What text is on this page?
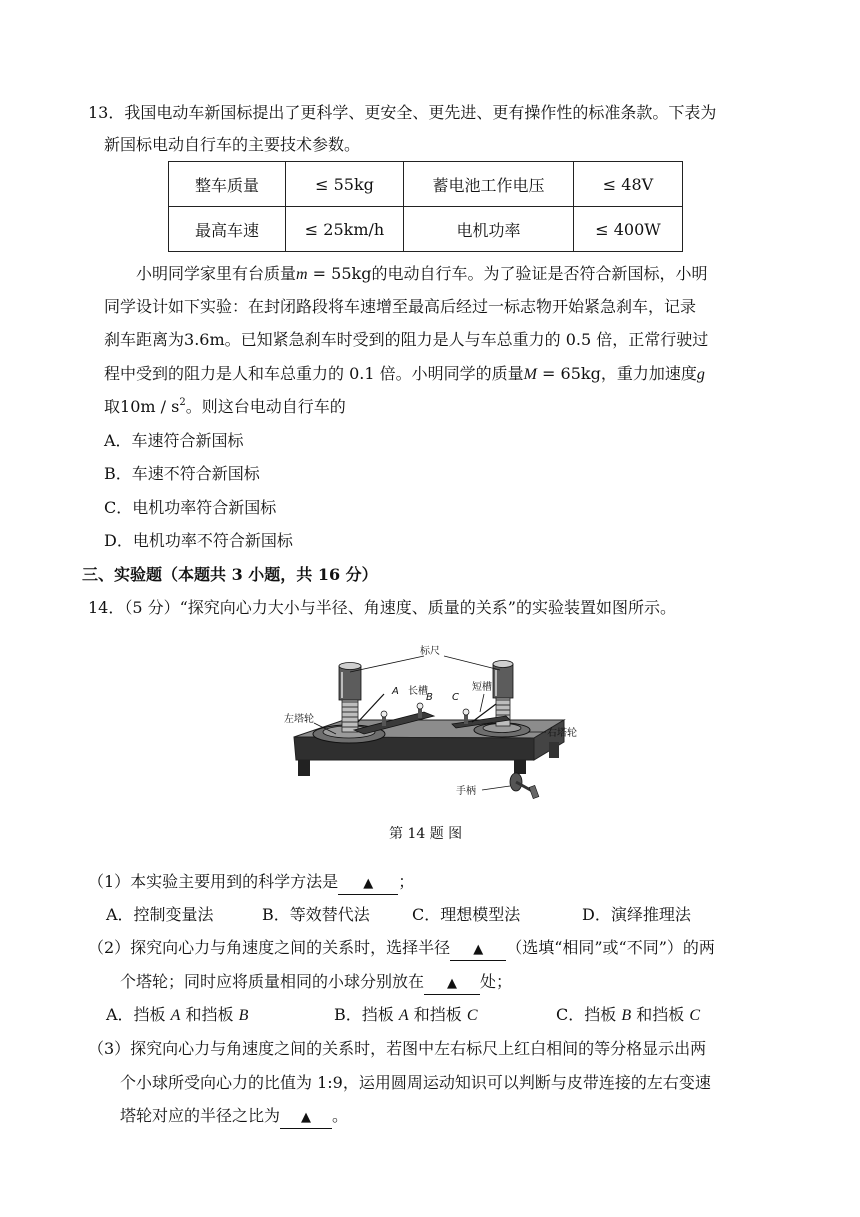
13．我国电动车新国标提出了更科学、更安全、更先进、更有操作性的标准条款。下表为
新国标电动自行车的主要技术参数。
整车质量	≤ 55kg	蓄电池工作电压	≤ 48V
最高车速	≤ 25km/h	电机功率	≤ 400W
小明同学家里有台质量m = 55kg的电动自行车。为了验证是否符合新国标，小明
同学设计如下实验：在封闭路段将车速增至最高后经过一标志物开始紧急刹车，记录
刹车距离为3.6m。已知紧急刹车时受到的阻力是人与车总重力的 0.5 倍，正常行驶过
程中受到的阻力是人和车总重力的 0.1 倍。小明同学的质量M = 65kg，重力加速度g
取$10m / s^2$。则这台电动自行车的
A．车速符合新国标
B．车速不符合新国标
C．电机功率符合新国标
D．电机功率不符合新国标
三、实验题（本题共 3 小题，共 16 分）
14．（5 分）“探究向心力大小与半径、角速度、质量的关系”的实验装置如图所示。
标尺
长槽	短槽
A
B C
左塔轮
右塔轮
手柄
第 14 题 图
（1）本实验主要用到的科学方法是 ▲ ；
A．控制变量法	B．等效替代法	C．理想模型法	D．演绎推理法
（2）探究向心力与角速度之间的关系时，选择半径 ▲ （选填“相同”或“不同”）的两
个塔轮；同时应将质量相同的小球分别放在 ▲ 处；
A．挡板 A 和挡板 B	B．挡板 A 和挡板 C	C．挡板 B 和挡板 C
（3）探究向心力与角速度之间的关系时，若图中左右标尺上红白相间的等分格显示出两
个小球所受向心力的比值为 1:9，运用圆周运动知识可以判断与皮带连接的左右变速
塔轮对应的半径之比为 ▲ 。
